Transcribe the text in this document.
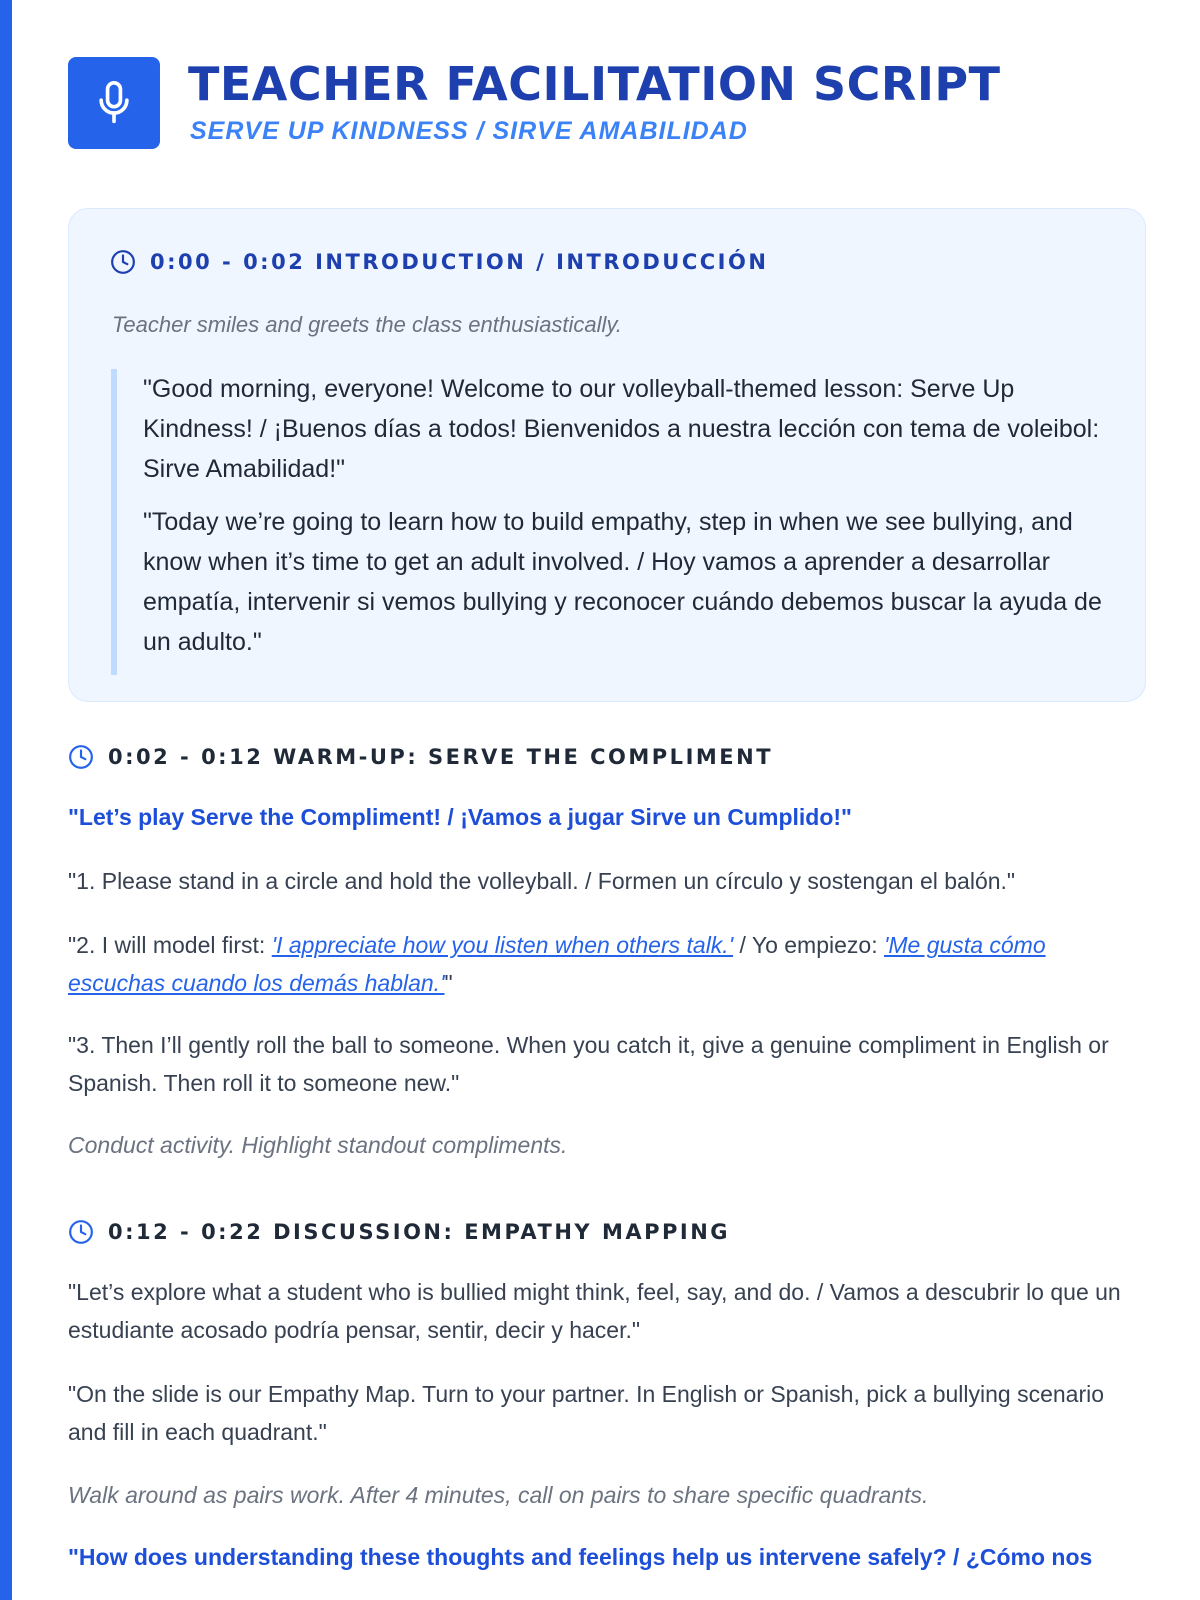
TEACHER FACILITATION SCRIPT
SERVE UP KINDNESS / SIRVE AMABILIDAD
0:00 - 0:02 INTRODUCTION / INTRODUCCIÓN
Teacher smiles and greets the class enthusiastically.

"Good morning, everyone! Welcome to our volleyball-themed lesson: Serve Up Kindness! / ¡Buenos días a todos! Bienvenidos a nuestra lección con tema de voleibol: Sirve Amabilidad!"

"Today we’re going to learn how to build empathy, step in when we see bullying, and know when it’s time to get an adult involved. / Hoy vamos a aprender a desarrollar empatía, intervenir si vemos bullying y reconocer cuándo debemos buscar la ayuda de un adulto."

0:02 - 0:12 WARM-UP: SERVE THE COMPLIMENT

"Let’s play Serve the Compliment! / ¡Vamos a jugar Sirve un Cumplido!"

"1. Please stand in a circle and hold the volleyball. / Formen un círculo y sostengan el balón."

"2. I will model first: 'I appreciate how you listen when others talk.' / Yo empiezo: 'Me gusta cómo escuchas cuando los demás hablan.'"

"3. Then I’ll gently roll the ball to someone. When you catch it, give a genuine compliment in English or Spanish. Then roll it to someone new."

Conduct activity. Highlight standout compliments.

0:12 - 0:22 DISCUSSION: EMPATHY MAPPING

"Let’s explore what a student who is bullied might think, feel, say, and do. / Vamos a descubrir lo que un estudiante acosado podría pensar, sentir, decir y hacer."

"On the slide is our Empathy Map. Turn to your partner. In English or Spanish, pick a bullying scenario and fill in each quadrant."

Walk around as pairs work. After 4 minutes, call on pairs to share specific quadrants.

"How does understanding these thoughts and feelings help us intervene safely? / ¿Cómo nos
